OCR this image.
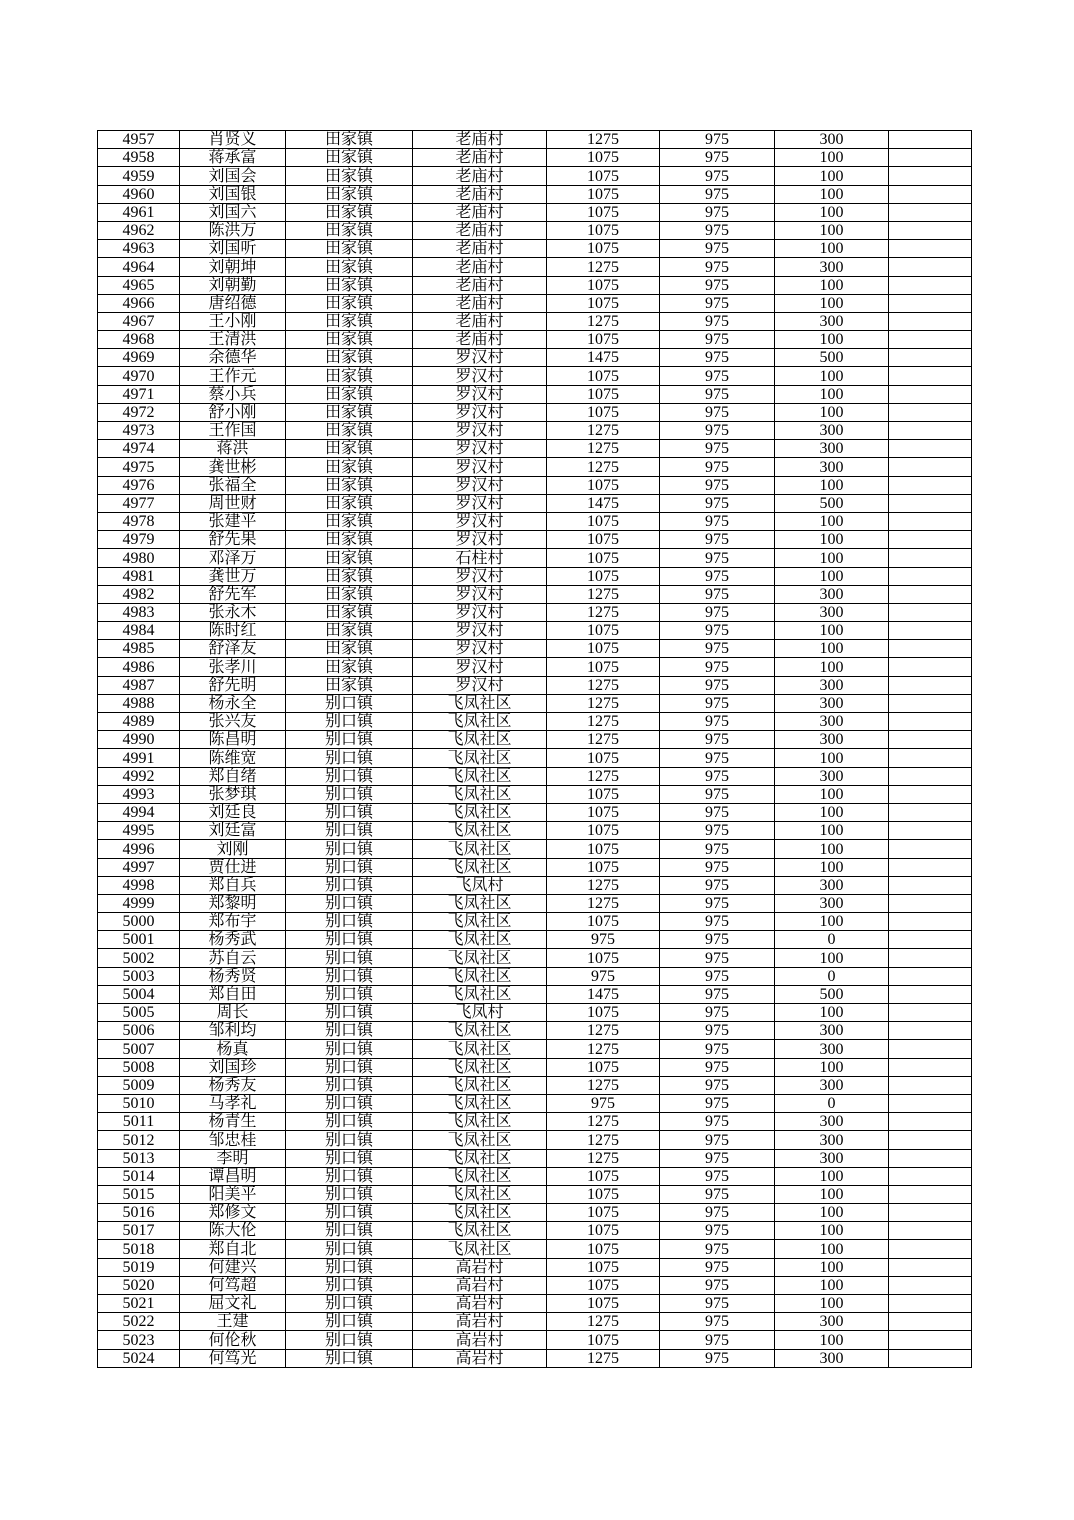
4957	肖贤义	田家镇	老庙村	1275	975	300	
4958	蒋承富	田家镇	老庙村	1075	975	100	
4959	刘国会	田家镇	老庙村	1075	975	100	
4960	刘国银	田家镇	老庙村	1075	975	100	
4961	刘国六	田家镇	老庙村	1075	975	100	
4962	陈洪万	田家镇	老庙村	1075	975	100	
4963	刘国听	田家镇	老庙村	1075	975	100	
4964	刘朝坤	田家镇	老庙村	1275	975	300	
4965	刘朝勤	田家镇	老庙村	1075	975	100	
4966	唐绍德	田家镇	老庙村	1075	975	100	
4967	王小刚	田家镇	老庙村	1275	975	300	
4968	王清洪	田家镇	老庙村	1075	975	100	
4969	余德华	田家镇	罗汉村	1475	975	500	
4970	王作元	田家镇	罗汉村	1075	975	100	
4971	蔡小兵	田家镇	罗汉村	1075	975	100	
4972	舒小刚	田家镇	罗汉村	1075	975	100	
4973	王作国	田家镇	罗汉村	1275	975	300	
4974	蒋洪	田家镇	罗汉村	1275	975	300	
4975	龚世彬	田家镇	罗汉村	1275	975	300	
4976	张福全	田家镇	罗汉村	1075	975	100	
4977	周世财	田家镇	罗汉村	1475	975	500	
4978	张建平	田家镇	罗汉村	1075	975	100	
4979	舒先果	田家镇	罗汉村	1075	975	100	
4980	邓泽万	田家镇	石柱村	1075	975	100	
4981	龚世万	田家镇	罗汉村	1075	975	100	
4982	舒先军	田家镇	罗汉村	1275	975	300	
4983	张永木	田家镇	罗汉村	1275	975	300	
4984	陈时红	田家镇	罗汉村	1075	975	100	
4985	舒泽友	田家镇	罗汉村	1075	975	100	
4986	张孝川	田家镇	罗汉村	1075	975	100	
4987	舒先明	田家镇	罗汉村	1275	975	300	
4988	杨永全	别口镇	飞凤社区	1275	975	300	
4989	张兴友	别口镇	飞凤社区	1275	975	300	
4990	陈昌明	别口镇	飞凤社区	1275	975	300	
4991	陈维宽	别口镇	飞凤社区	1075	975	100	
4992	郑自绪	别口镇	飞凤社区	1275	975	300	
4993	张梦琪	别口镇	飞凤社区	1075	975	100	
4994	刘廷良	别口镇	飞凤社区	1075	975	100	
4995	刘廷富	别口镇	飞凤社区	1075	975	100	
4996	刘刚	别口镇	飞凤社区	1075	975	100	
4997	贾仕进	别口镇	飞凤社区	1075	975	100	
4998	郑自兵	别口镇	飞凤村	1275	975	300	
4999	郑黎明	别口镇	飞凤社区	1275	975	300	
5000	郑布宇	别口镇	飞凤社区	1075	975	100	
5001	杨秀武	别口镇	飞凤社区	975	975	0	
5002	苏自云	别口镇	飞凤社区	1075	975	100	
5003	杨秀贤	别口镇	飞凤社区	975	975	0	
5004	郑自田	别口镇	飞凤社区	1475	975	500	
5005	周长	别口镇	飞凤村	1075	975	100	
5006	邹利均	别口镇	飞凤社区	1275	975	300	
5007	杨真	别口镇	飞凤社区	1275	975	300	
5008	刘国珍	别口镇	飞凤社区	1075	975	100	
5009	杨秀友	别口镇	飞凤社区	1275	975	300	
5010	马孝礼	别口镇	飞凤社区	975	975	0	
5011	杨青生	别口镇	飞凤社区	1275	975	300	
5012	邹忠桂	别口镇	飞凤社区	1275	975	300	
5013	李明	别口镇	飞凤社区	1275	975	300	
5014	谭昌明	别口镇	飞凤社区	1075	975	100	
5015	阳美平	别口镇	飞凤社区	1075	975	100	
5016	郑修文	别口镇	飞凤社区	1075	975	100	
5017	陈大伦	别口镇	飞凤社区	1075	975	100	
5018	郑自北	别口镇	飞凤社区	1075	975	100	
5019	何建兴	别口镇	高岩村	1075	975	100	
5020	何笃超	别口镇	高岩村	1075	975	100	
5021	屈文礼	别口镇	高岩村	1075	975	100	
5022	王建	别口镇	高岩村	1275	975	300	
5023	何伦秋	别口镇	高岩村	1075	975	100	
5024	何笃光	别口镇	高岩村	1275	975	300	
